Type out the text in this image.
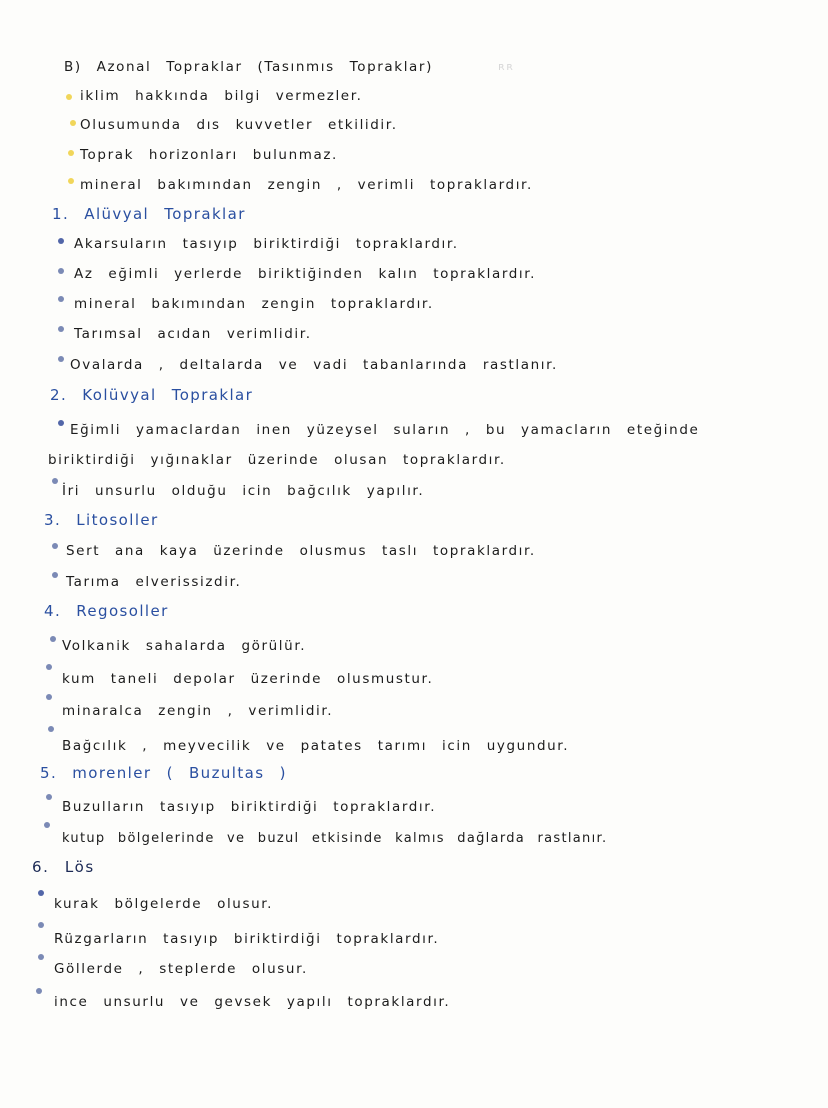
B) Azonal Topraklar (Tasınmıs Topraklar)	ʀʀ
iklim hakkında bilgi vermezler.
Olusumunda dıs kuvvetler etkilidir.
Toprak horizonları bulunmaz.
mineral bakımından zengin , verimli topraklardır.
1. Alüvyal Topraklar
Akarsuların tasıyıp biriktirdiği topraklardır.
Az eğimli yerlerde biriktiğinden kalın topraklardır.
mineral bakımından zengin topraklardır.
Tarımsal acıdan verimlidir.
Ovalarda , deltalarda ve vadi tabanlarında rastlanır.
2. Kolüvyal Topraklar
Eğimli yamaclardan inen yüzeysel suların , bu yamacların eteğinde
biriktirdiği yığınaklar üzerinde olusan topraklardır.
İri unsurlu olduğu icin bağcılık yapılır.
3. Litosoller
Sert ana kaya üzerinde olusmus taslı topraklardır.
Tarıma elverissizdir.
4. Regosoller
Volkanik sahalarda görülür.
kum taneli depolar üzerinde olusmustur.
minaralca zengin , verimlidir.
Bağcılık , meyvecilik ve patates tarımı icin uygundur.
5. morenler ( Buzultas )
Buzulların tasıyıp biriktirdiği topraklardır.
kutup bölgelerinde ve buzul etkisinde kalmıs dağlarda rastlanır.
6. Lös
kurak bölgelerde olusur.
Rüzgarların tasıyıp biriktirdiği topraklardır.
Göllerde , steplerde olusur.
ince unsurlu ve gevsek yapılı topraklardır.
